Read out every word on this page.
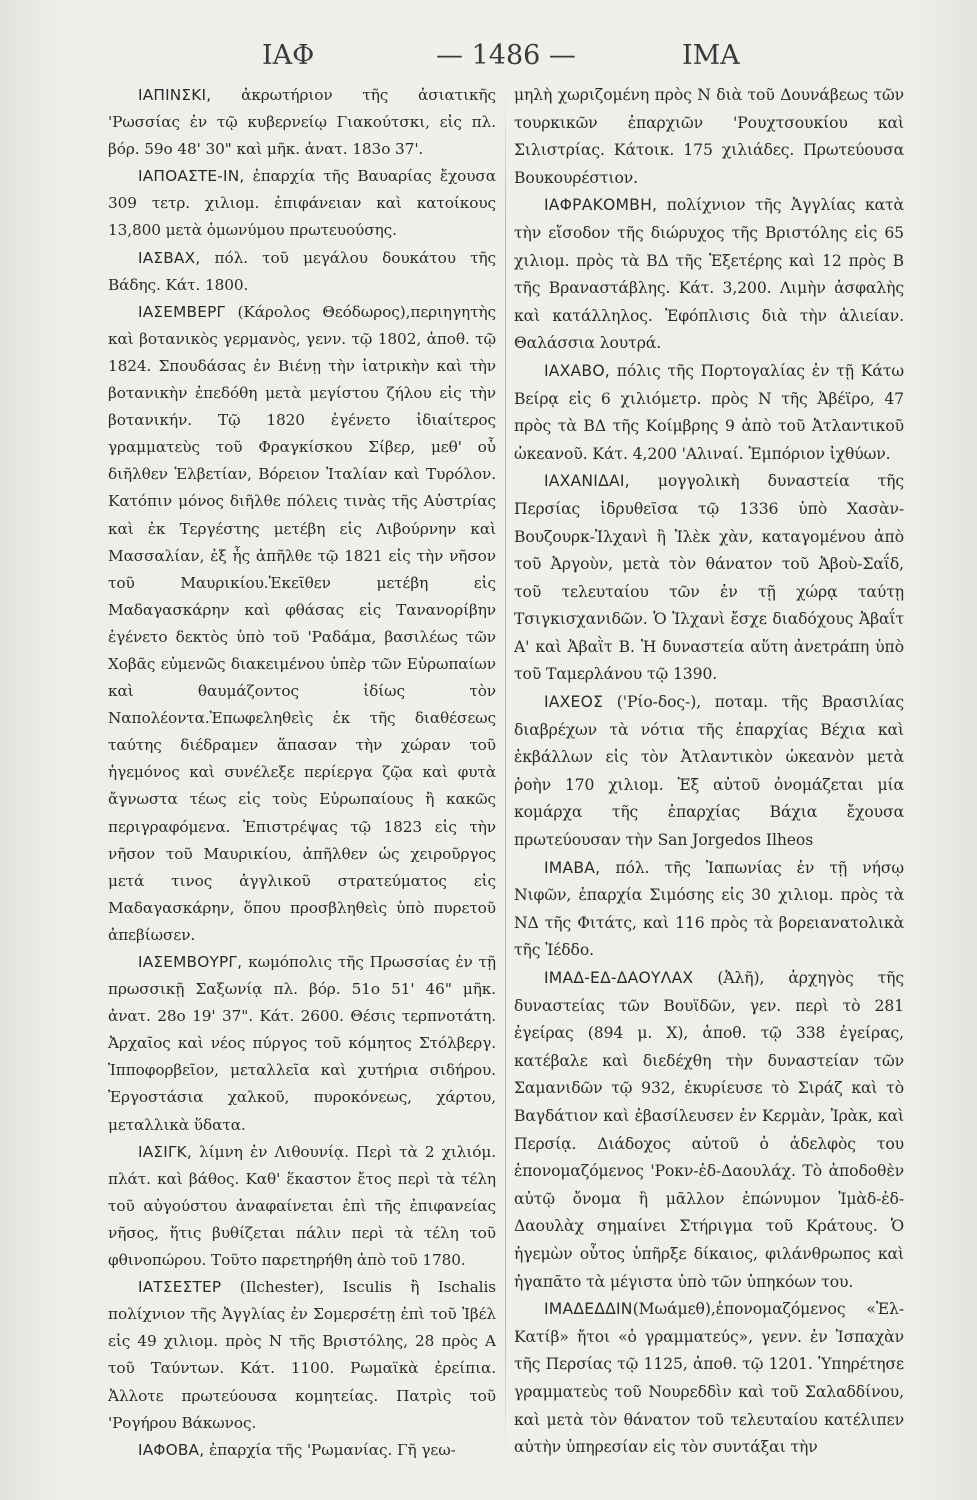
ΙΑΦ	— 1486 —	ΙΜΑ

ΙΑΠΙΝΣΚΙ, ἀκρωτήριον τῆς ἀσιατικῆς 'Ρωσσίας ἐν τῷ κυβερνείῳ Γιακούτσκι, εἰς πλ. βόρ. 59ο 48' 30" καὶ μῆκ. ἀνατ. 183ο 37'.

ΙΑΠΟΑΣΤΕ-ΙΝ, ἐπαρχία τῆς Βαυαρίας ἔχουσα 309 τετρ. χιλιομ. ἐπιφάνειαν καὶ κατοίκους 13,800 μετὰ ὁμωνύμου πρωτευούσης.

ΙΑΣΒΑΧ, πόλ. τοῦ μεγάλου δουκάτου τῆς Βάδης. Κάτ. 1800.

ΙΑΣΕΜΒΕΡΓ (Κάρολος Θεόδωρος),περιηγητὴς καὶ βοτανικὸς γερμανὸς, γενν. τῷ 1802, ἀποθ. τῷ 1824. Σπουδάσας ἐν Βιένῃ τὴν ἰατρικὴν καὶ τὴν βοτανικὴν ἐπεδόθη μετὰ μεγίστου ζήλου εἰς τὴν βοτανικήν. Τῷ 1820 ἐγένετο ἰδιαίτερος γραμματεὺς τοῦ Φραγκίσκου Σίβερ, μεθ' οὗ διῆλθεν Ἑλβετίαν, Βόρειον Ἰταλίαν καὶ Τυρόλον. Κατόπιν μόνος διῆλθε πόλεις τινὰς τῆς Αὐστρίας καὶ ἐκ Τεργέστης μετέβη εἰς Λιβούρνην καὶ Μασσαλίαν, ἐξ ἧς ἀπῆλθε τῷ 1821 εἰς τὴν νῆσον τοῦ Μαυρικίου.Ἐκεῖθεν μετέβη εἰς Μαδαγασκάρην καὶ φθάσας εἰς Τανανορίβην ἐγένετο δεκτὸς ὑπὸ τοῦ 'Ραδάμα, βασιλέως τῶν Χοβᾶς εὐμενῶς διακειμένου ὑπὲρ τῶν Εὐρωπαίων καὶ θαυμάζοντος ἰδίως τὸν Ναπολέοντα.Ἐπωφεληθεὶς ἐκ τῆς διαθέσεως ταύτης διέδραμεν ἅπασαν τὴν χώραν τοῦ ἡγεμόνος καὶ συνέλεξε περίεργα ζῷα καὶ φυτὰ ἄγνωστα τέως εἰς τοὺς Εὐρωπαίους ἢ κακῶς περιγραφόμενα. Ἐπιστρέψας τῷ 1823 εἰς τὴν νῆσον τοῦ Μαυρικίου, ἀπῆλθεν ὡς χειροῦργος μετά τινος ἀγγλικοῦ στρατεύματος εἰς Μαδαγασκάρην, ὅπου προσβληθεὶς ὑπὸ πυρετοῦ ἀπεβίωσεν.

ΙΑΣΕΜΒΟΥΡΓ, κωμόπολις τῆς Πρωσσίας ἐν τῇ πρωσσικῇ Σαξωνίᾳ πλ. βόρ. 51ο 51' 46" μῆκ. ἀνατ. 28ο 19' 37". Κάτ. 2600. Θέσις τερπνοτάτη. Ἀρχαῖος καὶ νέος πύργος τοῦ κόμητος Στόλβεργ. Ἱπποφορβεῖον, μεταλλεῖα καὶ χυτήρια σιδήρου. Ἐργοστάσια χαλκοῦ, πυροκόνεως, χάρτου, μεταλλικὰ ὕδατα.

ΙΑΣΙΓΚ, λίμνη ἐν Λιθουνίᾳ. Περὶ τὰ 2 χιλιόμ. πλάτ. καὶ βάθος. Καθ' ἕκαστον ἔτος περὶ τὰ τέλη τοῦ αὐγούστου ἀναφαίνεται ἐπὶ τῆς ἐπιφανείας νῆσος, ἥτις βυθίζεται πάλιν περὶ τὰ τέλη τοῦ φθινοπώρου. Τοῦτο παρετηρήθη ἀπὸ τοῦ 1780.

ΙΑΤΣΕΣΤΕΡ (Ilchester), Isculis ἢ Ischalis πολίχνιον τῆς Ἀγγλίας ἐν Σομερσέτῃ ἐπὶ τοῦ Ἰβέλ εἰς 49 χιλιομ. πρὸς Ν τῆς Βριστόλης, 28 πρὸς Α τοῦ Ταύντων. Κάτ. 1100. Ρωμαϊκὰ ἐρείπια. Ἀλλοτε πρωτεύουσα κομητείας. Πατρὶς τοῦ 'Ρογήρου Βάκωνος.

ΙΑΦΟΒΑ, ἐπαρχία τῆς 'Ρωμανίας. Γῆ γεω-

μηλὴ χωριζομένη πρὸς Ν διὰ τοῦ Δουνάβεως τῶν τουρκικῶν ἐπαρχιῶν 'Ρουχτσουκίου καὶ Σιλιστρίας. Κάτοικ. 175 χιλιάδες. Πρωτεύουσα Βουκουρέστιον.

ΙΑΦΡΑΚΟΜΒΗ, πολίχνιον τῆς Ἀγγλίας κατὰ τὴν εἴσοδον τῆς διώρυχος τῆς Βριστόλης εἰς 65 χιλιομ. πρὸς τὰ ΒΔ τῆς Ἐξετέρης καὶ 12 πρὸς Β τῆς Βραναστάβλης. Κάτ. 3,200. Λιμὴν ἀσφαλὴς καὶ κατάλληλος. Ἐφόπλισις διὰ τὴν ἁλιείαν. Θαλάσσια λουτρά.

ΙΑΧΑΒΟ, πόλις τῆς Πορτογαλίας ἐν τῇ Κάτω Βείρᾳ εἰς 6 χιλιόμετρ. πρὸς Ν τῆς Ἀβέϊρο, 47 πρὸς τὰ ΒΔ τῆς Κοίμβρης 9 ἀπὸ τοῦ Ἀτλαντικοῦ ὠκεανοῦ. Κάτ. 4,200 'Αλιναί. Ἐμπόριον ἰχθύων.

ΙΑΧΑΝΙΔΑΙ, μογγολικὴ δυναστεία τῆς Περσίας ἱδρυθεῖσα τῷ 1336 ὑπὸ Χασὰν-Βουζουρκ-Ἰλχανὶ ἢ Ἰλὲκ χὰν, καταγομένου ἀπὸ τοῦ Ἀργοὺν, μετὰ τὸν θάνατον τοῦ Ἀβοὺ-Σαΐδ, τοῦ τελευταίου τῶν ἐν τῇ χώρᾳ ταύτῃ Τσιγκισχανιδῶν. Ὁ Ἰλχανὶ ἔσχε διαδόχους Ἀβαΐτ Α' καὶ Ἀβαῒτ Β. Ἡ δυναστεία αὕτη ἀνετράπη ὑπὸ τοῦ Ταμερλάνου τῷ 1390.

ΙΑΧΕΟΣ ('Ρίο-δος-), ποταμ. τῆς Βρασιλίας διαβρέχων τὰ νότια τῆς ἐπαρχίας Βέχια καὶ ἐκβάλλων εἰς τὸν Ἀτλαντικὸν ὠκεανὸν μετὰ ῥοὴν 170 χιλιομ. Ἐξ αὐτοῦ ὀνομάζεται μία κομάρχα τῆς ἐπαρχίας Βάχια ἔχουσα πρωτεύουσαν τὴν San Jorgedos Ilheos

ΙΜΑΒΑ, πόλ. τῆς Ἰαπωνίας ἐν τῇ νήσῳ Νιφῶν, ἐπαρχία Σιμόσης εἰς 30 χιλιομ. πρὸς τὰ ΝΔ τῆς Φιτάτς, καὶ 116 πρὸς τὰ βορειανατολικὰ τῆς Ἰέδδο.

ΙΜΑΔ-ΕΔ-ΔΑΟΥΛΑΧ (Ἀλῆ), ἀρχηγὸς τῆς δυναστείας τῶν Βουϊδῶν, γεν. περὶ τὸ 281 ἐγείρας (894 μ. Χ), ἀποθ. τῷ 338 ἐγείρας, κατέβαλε καὶ διεδέχθη τὴν δυναστείαν τῶν Σαμανιδῶν τῷ 932, ἐκυρίευσε τὸ Σιράζ καὶ τὸ Βαγδάτιον καὶ ἐβασίλευσεν ἐν Κερμὰν, Ἰρὰκ, καὶ Περσίᾳ. Διάδοχος αὐτοῦ ὁ ἀδελφὸς του ἐπονομαζόμενος 'Ροκν-ἐδ-Δαουλάχ. Τὸ ἀποδοθὲν αὐτῷ ὄνομα ἢ μᾶλλον ἐπώνυμον Ἰμὰδ-ἐδ-Δαουλὰχ σημαίνει Στήριγμα τοῦ Κράτους. Ὁ ἡγεμὼν οὗτος ὑπῆρξε δίκαιος, φιλάνθρωπος καὶ ἠγαπᾶτο τὰ μέγιστα ὑπὸ τῶν ὑπηκόων του.

ΙΜΑΔΕΔΔΙΝ(Μωάμεθ),ἐπονομαζόμενος «Ἐλ-Κατίβ» ἤτοι «ὁ γραμματεύς», γενν. ἐν Ἰσπαχὰν τῆς Περσίας τῷ 1125, ἀποθ. τῷ 1201. Ὑπηρέτησε γραμματεὺς τοῦ Νουρεδδὶν καὶ τοῦ Σαλαδδίνου, καὶ μετὰ τὸν θάνατον τοῦ τελευταίου κατέλιπεν αὐτὴν ὑπηρεσίαν εἰς τὸν συντάξαι τὴν
